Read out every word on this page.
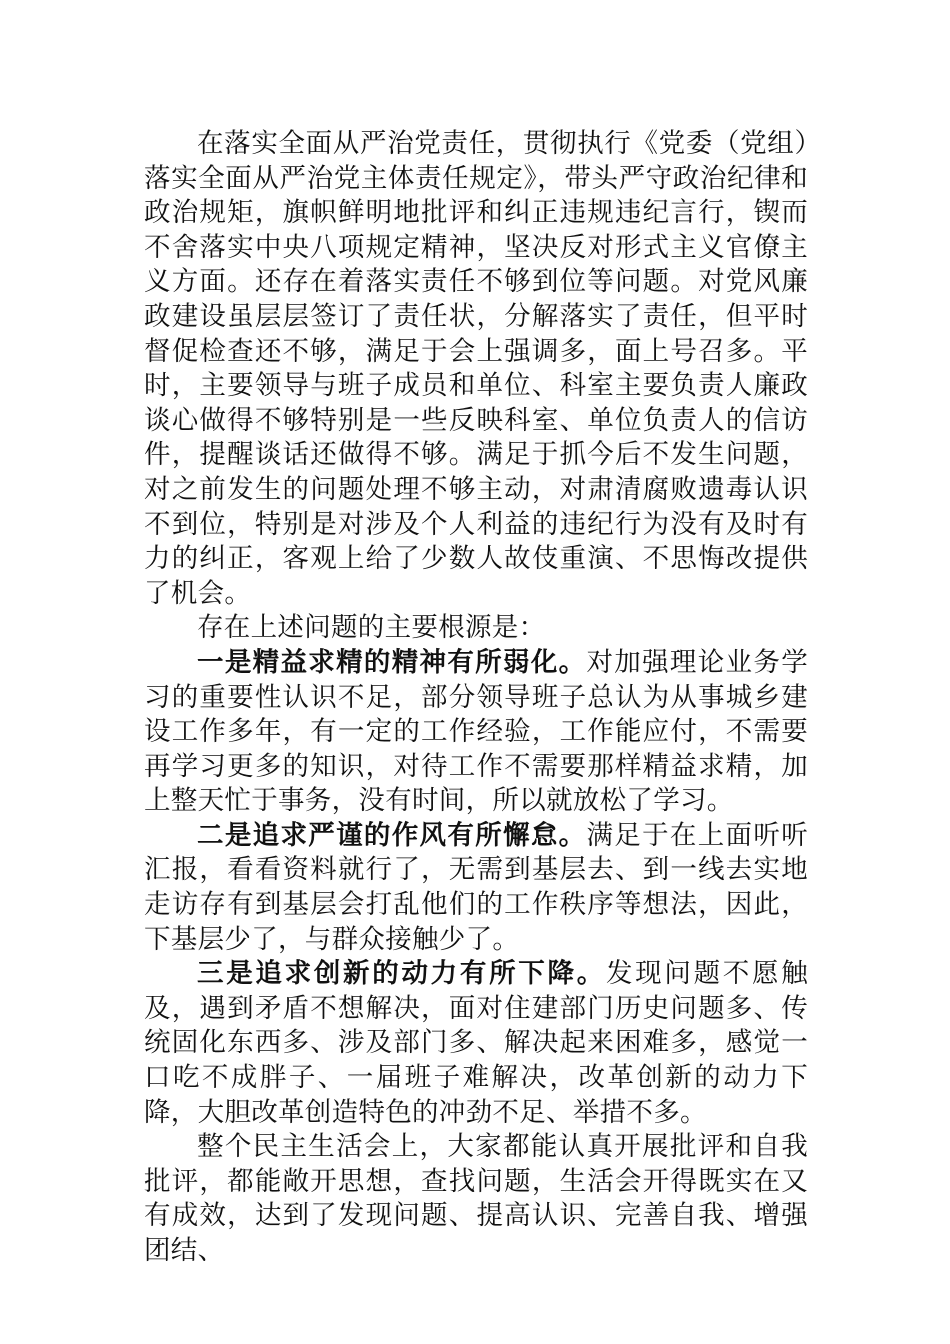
在落实全面从严治党责任，贯彻执行《党委（党组）落实全面从严治党主体责任规定》，带头严守政治纪律和政治规矩，旗帜鲜明地批评和纠正违规违纪言行，锲而不舍落实中央八项规定精神，坚决反对形式主义官僚主义方面。还存在着落实责任不够到位等问题。对党风廉政建设虽层层签订了责任状，分解落实了责任，但平时督促检查还不够，满足于会上强调多，面上号召多。平时，主要领导与班子成员和单位、科室主要负责人廉政谈心做得不够特别是一些反映科室、单位负责人的信访件，提醒谈话还做得不够。满足于抓今后不发生问题，对之前发生的问题处理不够主动，对肃清腐败遗毒认识不到位，特别是对涉及个人利益的违纪行为没有及时有力的纠正，客观上给了少数人故伎重演、不思悔改提供了机会。

存在上述问题的主要根源是：

一是精益求精的精神有所弱化。对加强理论业务学习的重要性认识不足，部分领导班子总认为从事城乡建设工作多年，有一定的工作经验，工作能应付，不需要再学习更多的知识，对待工作不需要那样精益求精，加上整天忙于事务，没有时间，所以就放松了学习。

二是追求严谨的作风有所懈怠。满足于在上面听听汇报，看看资料就行了，无需到基层去、到一线去实地走访存有到基层会打乱他们的工作秩序等想法，因此，下基层少了，与群众接触少了。

三是追求创新的动力有所下降。发现问题不愿触及，遇到矛盾不想解决，面对住建部门历史问题多、传统固化东西多、涉及部门多、解决起来困难多，感觉一口吃不成胖子、一届班子难解决，改革创新的动力下降，大胆改革创造特色的冲劲不足、举措不多。

整个民主生活会上，大家都能认真开展批评和自我批评，都能敞开思想，查找问题，生活会开得既实在又有成效，达到了发现问题、提高认识、完善自我、增强团结、
